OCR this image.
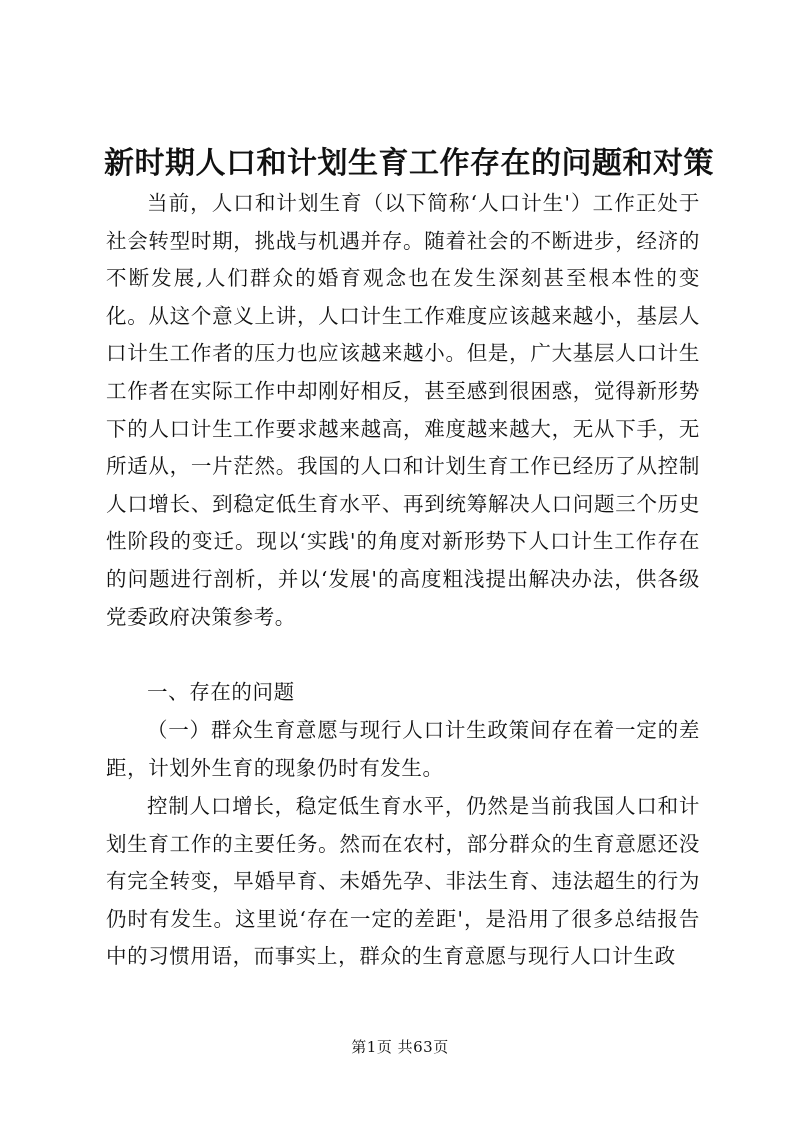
新时期人口和计划生育工作存在的问题和对策

当前，人口和计划生育（以下简称‘人口计生'）工作正处于社会转型时期，挑战与机遇并存。随着社会的不断进步，经济的不断发展,人们群众的婚育观念也在发生深刻甚至根本性的变化。从这个意义上讲，人口计生工作难度应该越来越小，基层人口计生工作者的压力也应该越来越小。但是，广大基层人口计生工作者在实际工作中却刚好相反，甚至感到很困惑，觉得新形势下的人口计生工作要求越来越高，难度越来越大，无从下手，无所适从，一片茫然。我国的人口和计划生育工作已经历了从控制人口增长、到稳定低生育水平、再到统筹解决人口问题三个历史性阶段的变迁。现以‘实践'的角度对新形势下人口计生工作存在的问题进行剖析，并以‘发展'的高度粗浅提出解决办法，供各级党委政府决策参考。

一、存在的问题

（一）群众生育意愿与现行人口计生政策间存在着一定的差距，计划外生育的现象仍时有发生。

控制人口增长，稳定低生育水平，仍然是当前我国人口和计划生育工作的主要任务。然而在农村，部分群众的生育意愿还没有完全转变，早婚早育、未婚先孕、非法生育、违法超生的行为仍时有发生。这里说‘存在一定的差距'，是沿用了很多总结报告中的习惯用语，而事实上，群众的生育意愿与现行人口计生政

第1页 共63页
